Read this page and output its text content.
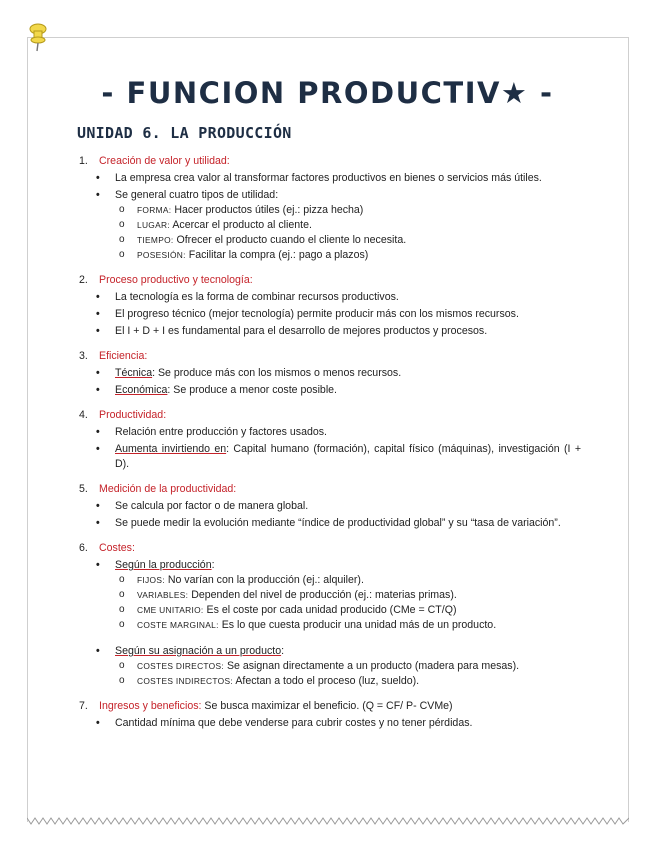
- FUNCION PRODUCTIV★ -
UNIDAD 6. LA PRODUCCIÓN
1.	Creación de valor y utilidad:
• La empresa crea valor al transformar factores productivos en bienes o servicios más útiles.
• Se general cuatro tipos de utilidad:
o FORMA: Hacer productos útiles (ej.: pizza hecha)
o LUGAR: Acercar el producto al cliente.
o TIEMPO: Ofrecer el producto cuando el cliente lo necesita.
o POSESIÓN: Facilitar la compra (ej.: pago a plazos)
2.	Proceso productivo y tecnología:
• La tecnología es la forma de combinar recursos productivos.
• El progreso técnico (mejor tecnología) permite producir más con los mismos recursos.
• El I + D + I es fundamental para el desarrollo de mejores productos y procesos.
3.	Eficiencia:
• Técnica: Se produce más con los mismos o menos recursos.
• Económica: Se produce a menor coste posible.
4.	Productividad:
• Relación entre producción y factores usados.
• Aumenta invirtiendo en: Capital humano (formación), capital físico (máquinas), investigación (I + D).
5.	Medición de la productividad:
• Se calcula por factor o de manera global.
• Se puede medir la evolución mediante “índice de productividad global” y su “tasa de variación”.
6.	Costes:
• Según la producción:
o FIJOS: No varían con la producción (ej.: alquiler).
o VARIABLES: Dependen del nivel de producción (ej.: materias primas).
o CME UNITARIO: Es el coste por cada unidad producido (CMe = CT/Q)
o COSTE MARGINAL: Es lo que cuesta producir una unidad más de un producto.
• Según su asignación a un producto:
o COSTES DIRECTOS: Se asignan directamente a un producto (madera para mesas).
o COSTES INDIRECTOS: Afectan a todo el proceso (luz, sueldo).
7.	Ingresos y beneficios: Se busca maximizar el beneficio. (Q = CF/ P- CVMe)
• Cantidad mínima que debe venderse para cubrir costes y no tener pérdidas.
